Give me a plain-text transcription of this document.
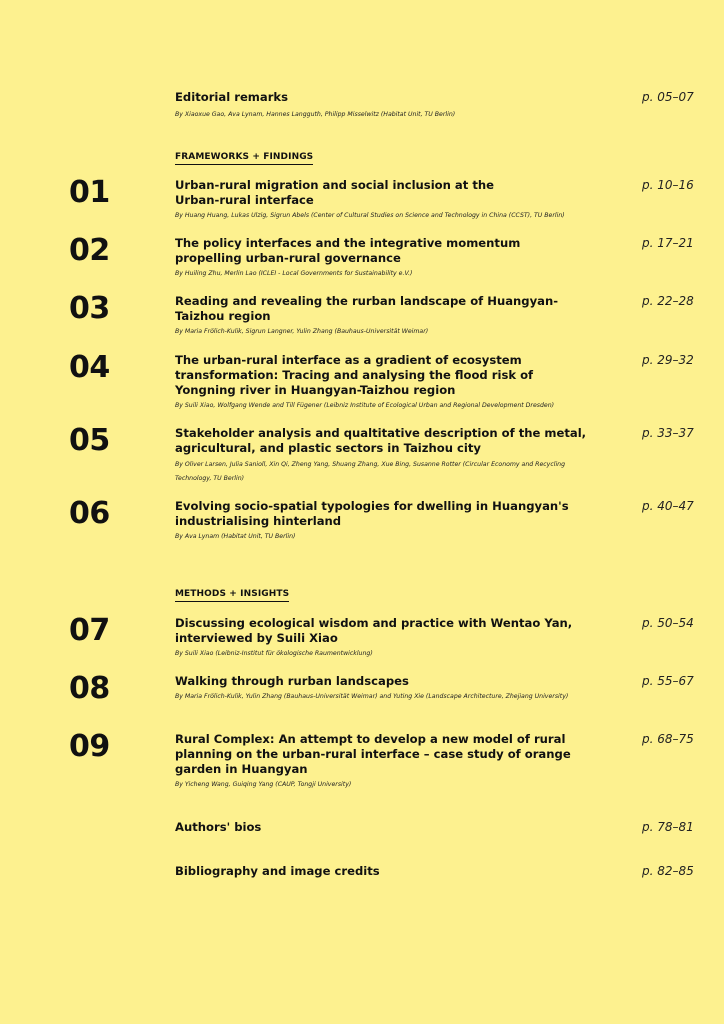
Editorial remarks
By Xiaoxue Gao, Ava Lynam, Hannes Langguth, Philipp Misselwitz (Habitat Unit, TU Berlin)
p. 05–07
FRAMEWORKS + FINDINGS
01	Urban-rural migration and social inclusion at the
Urban-rural interface
By Huang Huang, Lukas Ulzig, Sigrun Abels (Center of Cultural Studies on Science and Technology in China (CCST), TU Berlin)
p. 10–16
02	The policy interfaces and the integrative momentum
propelling urban-rural governance
By Huiling Zhu, Merlin Lao (ICLEI - Local Governments for Sustainability e.V.)
p. 17–21
03	Reading and revealing the rurban landscape of Huangyan-
Taizhou region
By Maria Frölich-Kulik, Sigrun Langner, Yulin Zhang (Bauhaus-Universität Weimar)
p. 22–28
04	The urban-rural interface as a gradient of ecosystem
transformation: Tracing and analysing the flood risk of
Yongning river in Huangyan-Taizhou region
By Suili Xiao, Wolfgang Wende and Till Fügener (Leibniz Institute of Ecological Urban and Regional Development Dresden)
p. 29–32
05	Stakeholder analysis and qualtitative description of the metal,
agricultural, and plastic sectors in Taizhou city
By Oliver Larsen, Julia Sanioll, Xin Qi, Zheng Yang, Shuang Zhang, Xue Bing, Susanne Rotter (Circular Economy and Recycling Technology, TU Berlin)
p. 33–37
06	Evolving socio-spatial typologies for dwelling in Huangyan's
industrialising hinterland
By Ava Lynam (Habitat Unit, TU Berlin)
p. 40–47
METHODS + INSIGHTS
07	Discussing ecological wisdom and practice with Wentao Yan,
interviewed by Suili Xiao
By Suili Xiao (Leibniz-Institut für ökologische Raumentwicklung)
p. 50–54
08	Walking through rurban landscapes
By Maria Frölich-Kulik, Yulin Zhang (Bauhaus-Universität Weimar) and Yuting Xie (Landscape Architecture, Zhejiang University)
p. 55–67
09	Rural Complex: An attempt to develop a new model of rural
planning on the urban-rural interface – case study of orange
garden in Huangyan
By Yicheng Wang, Guiqing Yang (CAUP, Tongji University)
p. 68–75
Authors' bios	p. 78–81
Bibliography and image credits	p. 82–85
